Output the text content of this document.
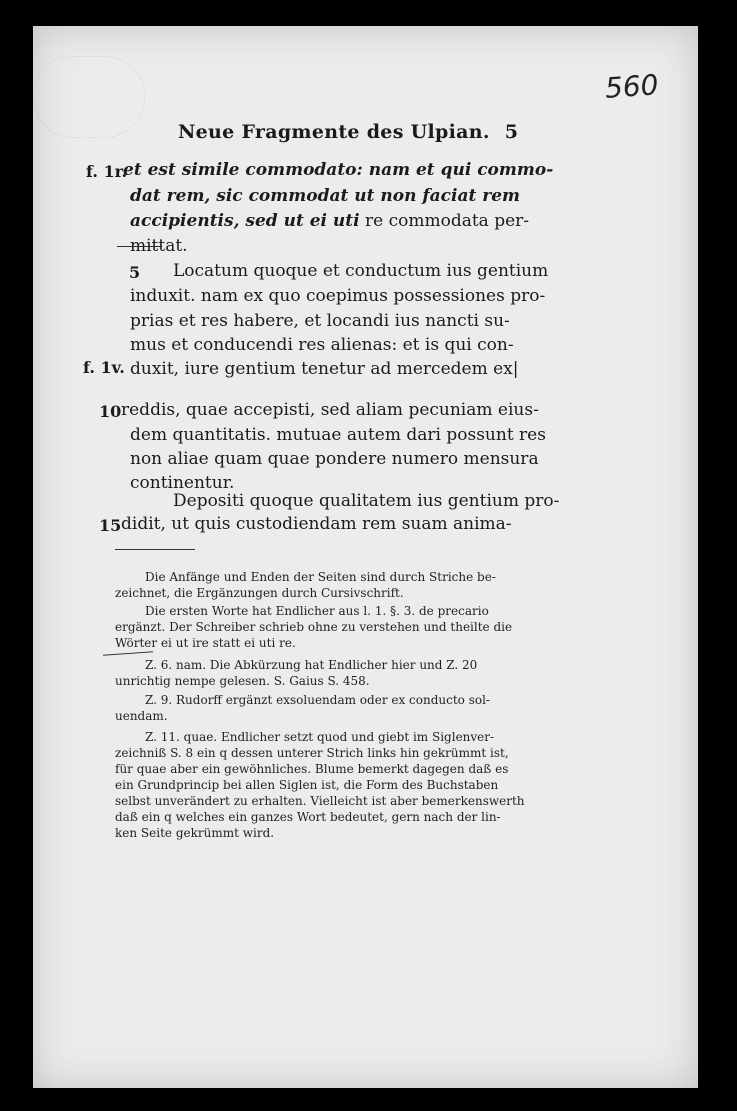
560
Neue Fragmente des Ulpian. 5
f. 1r.
5
f. 1v.
10
15
et est simile commodato: nam et qui commo-
dat rem, sic commodat ut non faciat rem
accipientis, sed ut ei uti re commodata per-
mittat.
Locatum quoque et conductum ius gentium
induxit. nam ex quo coepimus possessiones pro-
prias et res habere, et locandi ius nancti su-
mus et conducendi res alienas: et is qui con-
duxit, iure gentium tenetur ad mercedem ex|
reddis, quae accepisti, sed aliam pecuniam eius-
dem quantitatis. mutuae autem dari possunt res
non aliae quam quae pondere numero mensura
continentur.
Depositi quoque qualitatem ius gentium pro-
didit, ut quis custodiendam rem suam anima-
Die Anfänge und Enden der Seiten sind durch Striche be-
zeichnet, die Ergänzungen durch Cursivschrift.
Die ersten Worte hat Endlicher aus l. 1. §. 3. de precario
ergänzt. Der Schreiber schrieb ohne zu verstehen und theilte die
Wörter ei ut ire statt ei uti re.
Z. 6. nam. Die Abkürzung hat Endlicher hier und Z. 20
unrichtig nempe gelesen. S. Gaius S. 458.
Z. 9. Rudorff ergänzt exsoluendam oder ex conducto sol-
uendam.
Z. 11. quae. Endlicher setzt quod und giebt im Siglenver-
zeichniß S. 8 ein q dessen unterer Strich links hin gekrümmt ist,
für quae aber ein gewöhnliches. Blume bemerkt dagegen daß es
ein Grundprincip bei allen Siglen ist, die Form des Buchstaben
selbst unverändert zu erhalten. Vielleicht ist aber bemerkenswerth
daß ein q welches ein ganzes Wort bedeutet, gern nach der lin-
ken Seite gekrümmt wird.
